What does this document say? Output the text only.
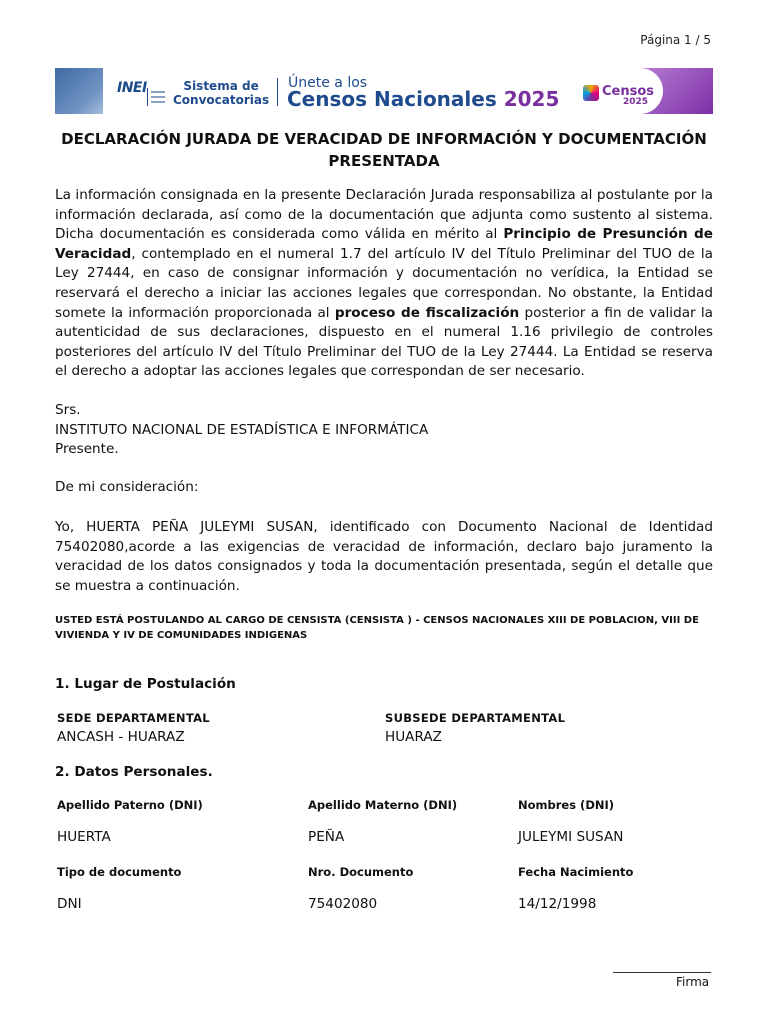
Página 1 / 5
INEI	Sistema de
Convocatorias
Únete a los
Censos Nacionales 2025	Censos
2025
DECLARACIÓN JURADA DE VERACIDAD DE INFORMACIÓN Y DOCUMENTACIÓN PRESENTADA

La información consignada en la presente Declaración Jurada responsabiliza al postulante por la información declarada, así como de la documentación que adjunta como sustento al sistema. Dicha documentación es considerada como válida en mérito al Principio de Presunción de Veracidad, contemplado en el numeral 1.7 del artículo IV del Título Preliminar del TUO de la Ley 27444, en caso de consignar información y documentación no verídica, la Entidad se reservará el derecho a iniciar las acciones legales que correspondan. No obstante, la Entidad somete la información proporcionada al proceso de fiscalización posterior a fin de validar la autenticidad de sus declaraciones, dispuesto en el numeral 1.16 privilegio de controles posteriores del artículo IV del Título Preliminar del TUO de la Ley 27444. La Entidad se reserva el derecho a adoptar las acciones legales que correspondan de ser necesario.

Srs.
INSTITUTO NACIONAL DE ESTADÍSTICA E INFORMÁTICA
Presente.
De mi consideración:

Yo, HUERTA PEÑA JULEYMI SUSAN, identificado con Documento Nacional de Identidad 75402080,acorde a las exigencias de veracidad de información, declaro bajo juramento la veracidad de los datos consignados y toda la documentación presentada, según el detalle que se muestra a continuación.

USTED ESTÁ POSTULANDO AL CARGO DE CENSISTA (CENSISTA ) - CENSOS NACIONALES XIII DE POBLACION, VIII DE VIVIENDA Y IV DE COMUNIDADES INDIGENAS
1. Lugar de Postulación
SEDE DEPARTAMENTAL
ANCASH - HUARAZ
SUBSEDE DEPARTAMENTAL
HUARAZ
2. Datos Personales.
Apellido Paterno (DNI)	Apellido Materno (DNI)	Nombres (DNI)
HUERTA	PEÑA	JULEYMI SUSAN
Tipo de documento	Nro. Documento	Fecha Nacimiento
DNI	75402080	14/12/1998
Firma
